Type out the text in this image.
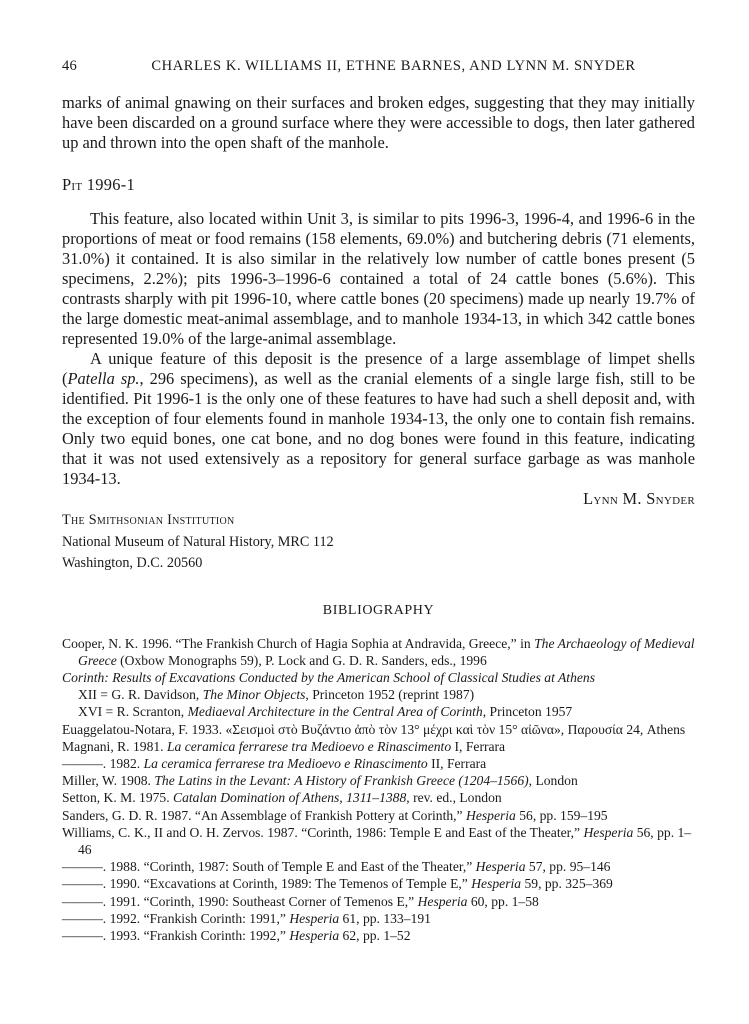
46	CHARLES K. WILLIAMS II, ETHNE BARNES, AND LYNN M. SNYDER

marks of animal gnawing on their surfaces and broken edges, suggesting that they may initially have been discarded on a ground surface where they were accessible to dogs, then later gathered up and thrown into the open shaft of the manhole.

Pit 1996-1

This feature, also located within Unit 3, is similar to pits 1996-3, 1996-4, and 1996-6 in the proportions of meat or food remains (158 elements, 69.0%) and butchering debris (71 elements, 31.0%) it contained. It is also similar in the relatively low number of cattle bones present (5 specimens, 2.2%); pits 1996-3–1996-6 contained a total of 24 cattle bones (5.6%). This contrasts sharply with pit 1996-10, where cattle bones (20 specimens) made up nearly 19.7% of the large domestic meat-animal assemblage, and to manhole 1934-13, in which 342 cattle bones represented 19.0% of the large-animal assemblage.

A unique feature of this deposit is the presence of a large assemblage of limpet shells (Patella sp., 296 specimens), as well as the cranial elements of a single large fish, still to be identified. Pit 1996-1 is the only one of these features to have had such a shell deposit and, with the exception of four elements found in manhole 1934-13, the only one to contain fish remains. Only two equid bones, one cat bone, and no dog bones were found in this feature, indicating that it was not used extensively as a repository for general surface garbage as was manhole 1934-13.

Lynn M. Snyder
The Smithsonian Institution
National Museum of Natural History, MRC 112
Washington, D.C. 20560
BIBLIOGRAPHY

Cooper, N. K. 1996. “The Frankish Church of Hagia Sophia at Andravida, Greece,” in The Archaeology of Medieval Greece (Oxbow Monographs 59), P. Lock and G. D. R. Sanders, eds., 1996

Corinth: Results of Excavations Conducted by the American School of Classical Studies at Athens

XII = G. R. Davidson, The Minor Objects, Princeton 1952 (reprint 1987)

XVI = R. Scranton, Mediaeval Architecture in the Central Area of Corinth, Princeton 1957

Euaggelatou-Notara, F. 1933. «Σεισμοὶ στὸ Βυζάντιο ἀπὸ τὸν 13° μέχρι καὶ τὸν 15° αἰῶνα», Παρουσία 24, Athens

Magnani, R. 1981. La ceramica ferrarese tra Medioevo e Rinascimento I, Ferrara

———. 1982. La ceramica ferrarese tra Medioevo e Rinascimento II, Ferrara

Miller, W. 1908. The Latins in the Levant: A History of Frankish Greece (1204–1566), London

Setton, K. M. 1975. Catalan Domination of Athens, 1311–1388, rev. ed., London

Sanders, G. D. R. 1987. “An Assemblage of Frankish Pottery at Corinth,” Hesperia 56, pp. 159–195

Williams, C. K., II and O. H. Zervos. 1987. “Corinth, 1986: Temple E and East of the Theater,” Hesperia 56, pp. 1–46

———. 1988. “Corinth, 1987: South of Temple E and East of the Theater,” Hesperia 57, pp. 95–146

———. 1990. “Excavations at Corinth, 1989: The Temenos of Temple E,” Hesperia 59, pp. 325–369

———. 1991. “Corinth, 1990: Southeast Corner of Temenos E,” Hesperia 60, pp. 1–58

———. 1992. “Frankish Corinth: 1991,” Hesperia 61, pp. 133–191

———. 1993. “Frankish Corinth: 1992,” Hesperia 62, pp. 1–52
